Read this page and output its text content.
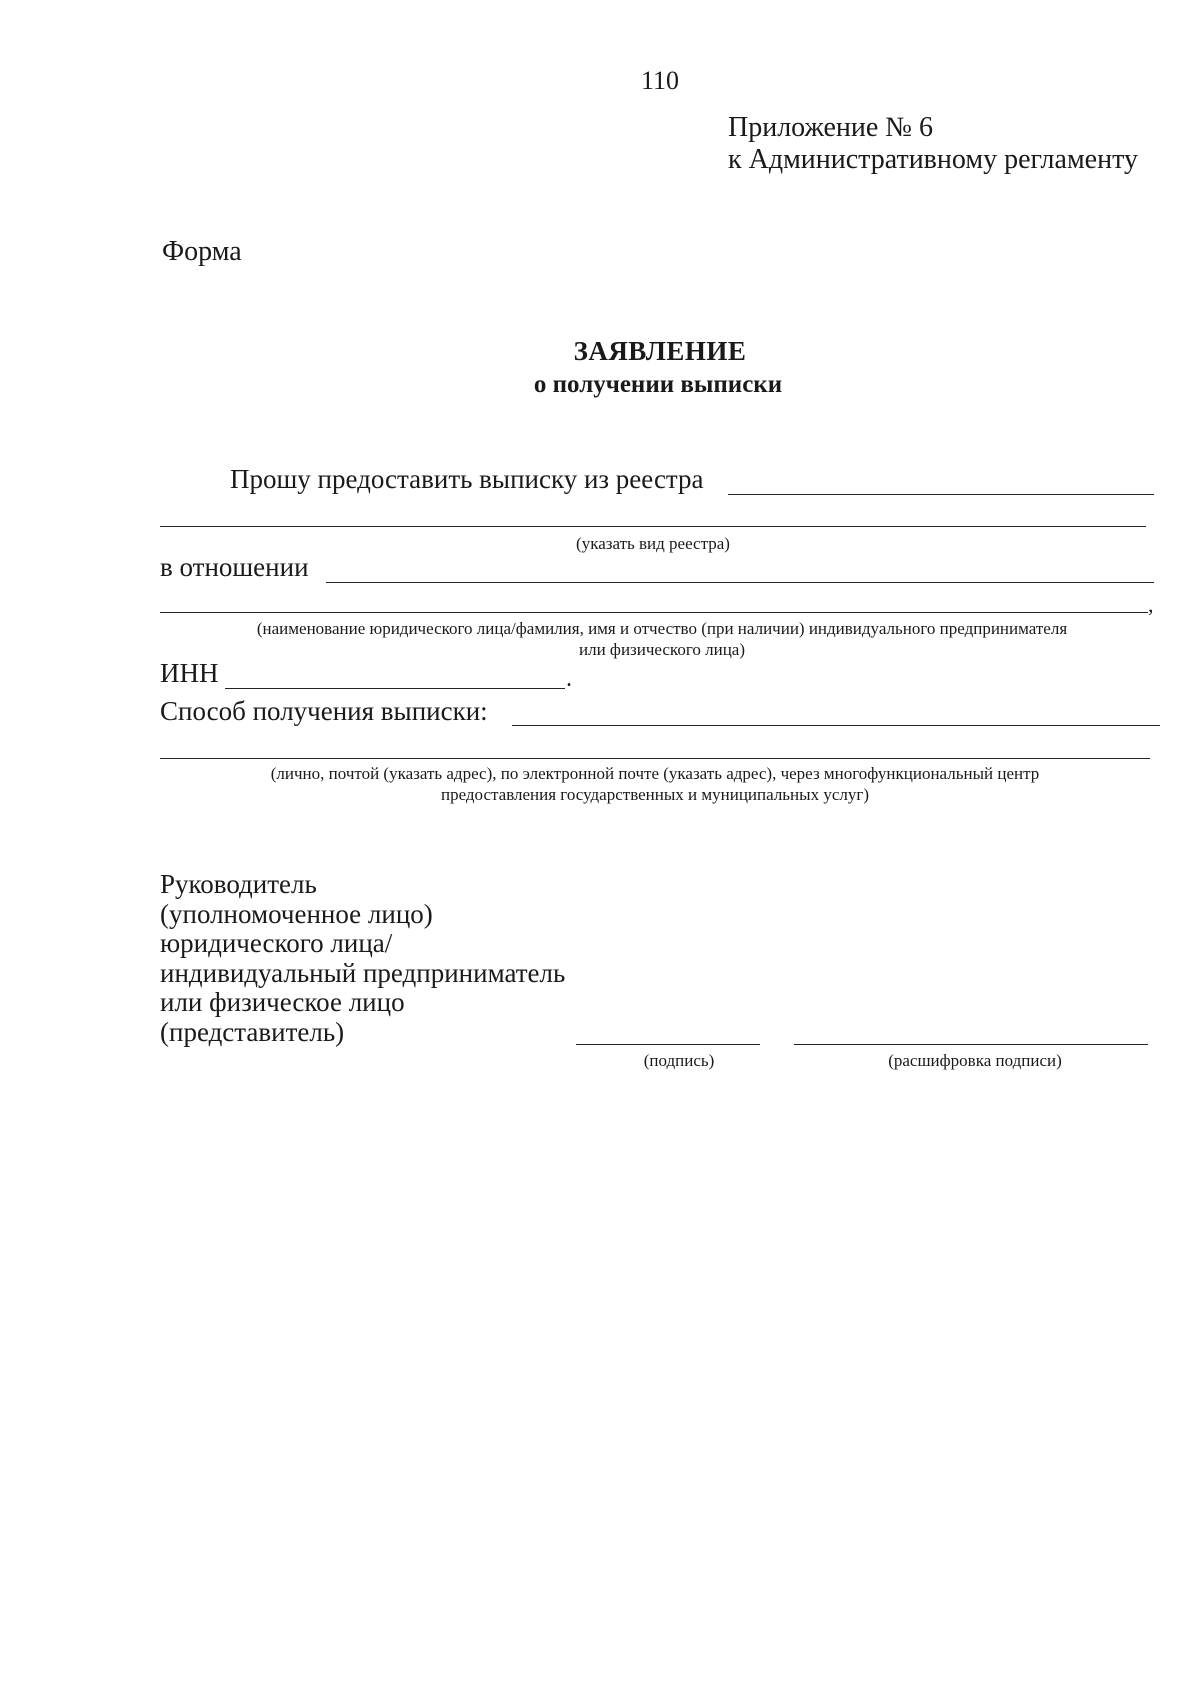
110
Приложение № 6
к Административному регламенту
Форма
ЗАЯВЛЕНИЕ
о получении выписки
Прошу предоставить выписку из реестра
(указать вид реестра)
в отношении
,
(наименование юридического лица/фамилия, имя и отчество (при наличии) индивидуального предпринимателя
или физического лица)
ИНН	.
Способ получения выписки:
(лично, почтой (указать адрес), по электронной почте (указать адрес), через многофункциональный центр
предоставления государственных и муниципальных услуг)
Руководитель
(уполномоченное лицо)
юридического лица/
индивидуальный предприниматель
или физическое лицо
(представитель)
(подпись)	(расшифровка подписи)
